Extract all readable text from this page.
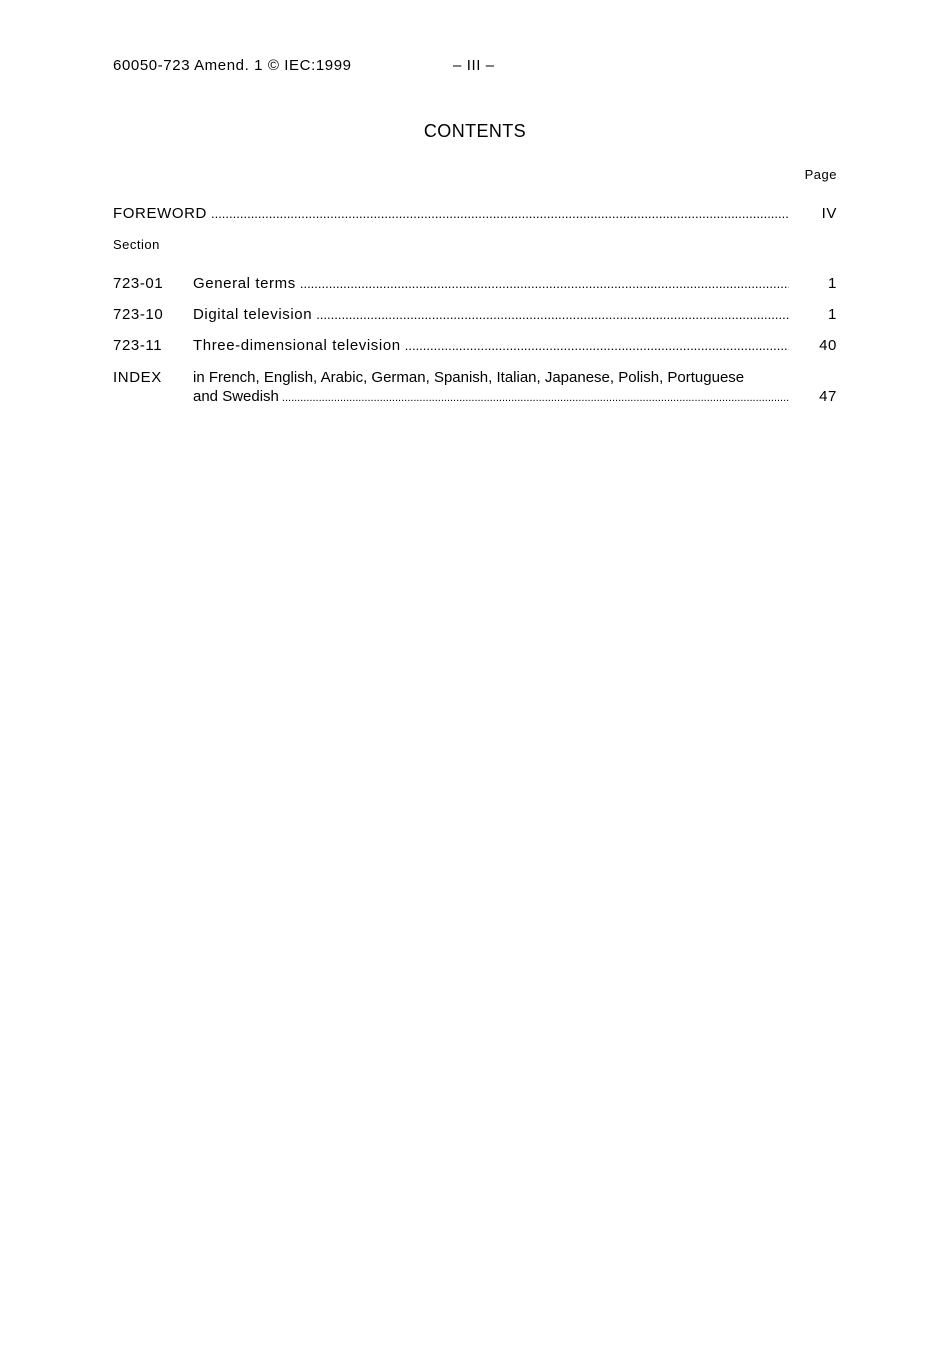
60050-723 Amend. 1 © IEC:1999	– III –
CONTENTS
Page
FOREWORD .....	IV
Section
723-01	General terms .....	1
723-10	Digital television .....	1
723-11	Three-dimensional television .....	40
INDEX in French, English, Arabic, German, Spanish, Italian, Japanese, Polish, Portuguese
and Swedish .....	47
